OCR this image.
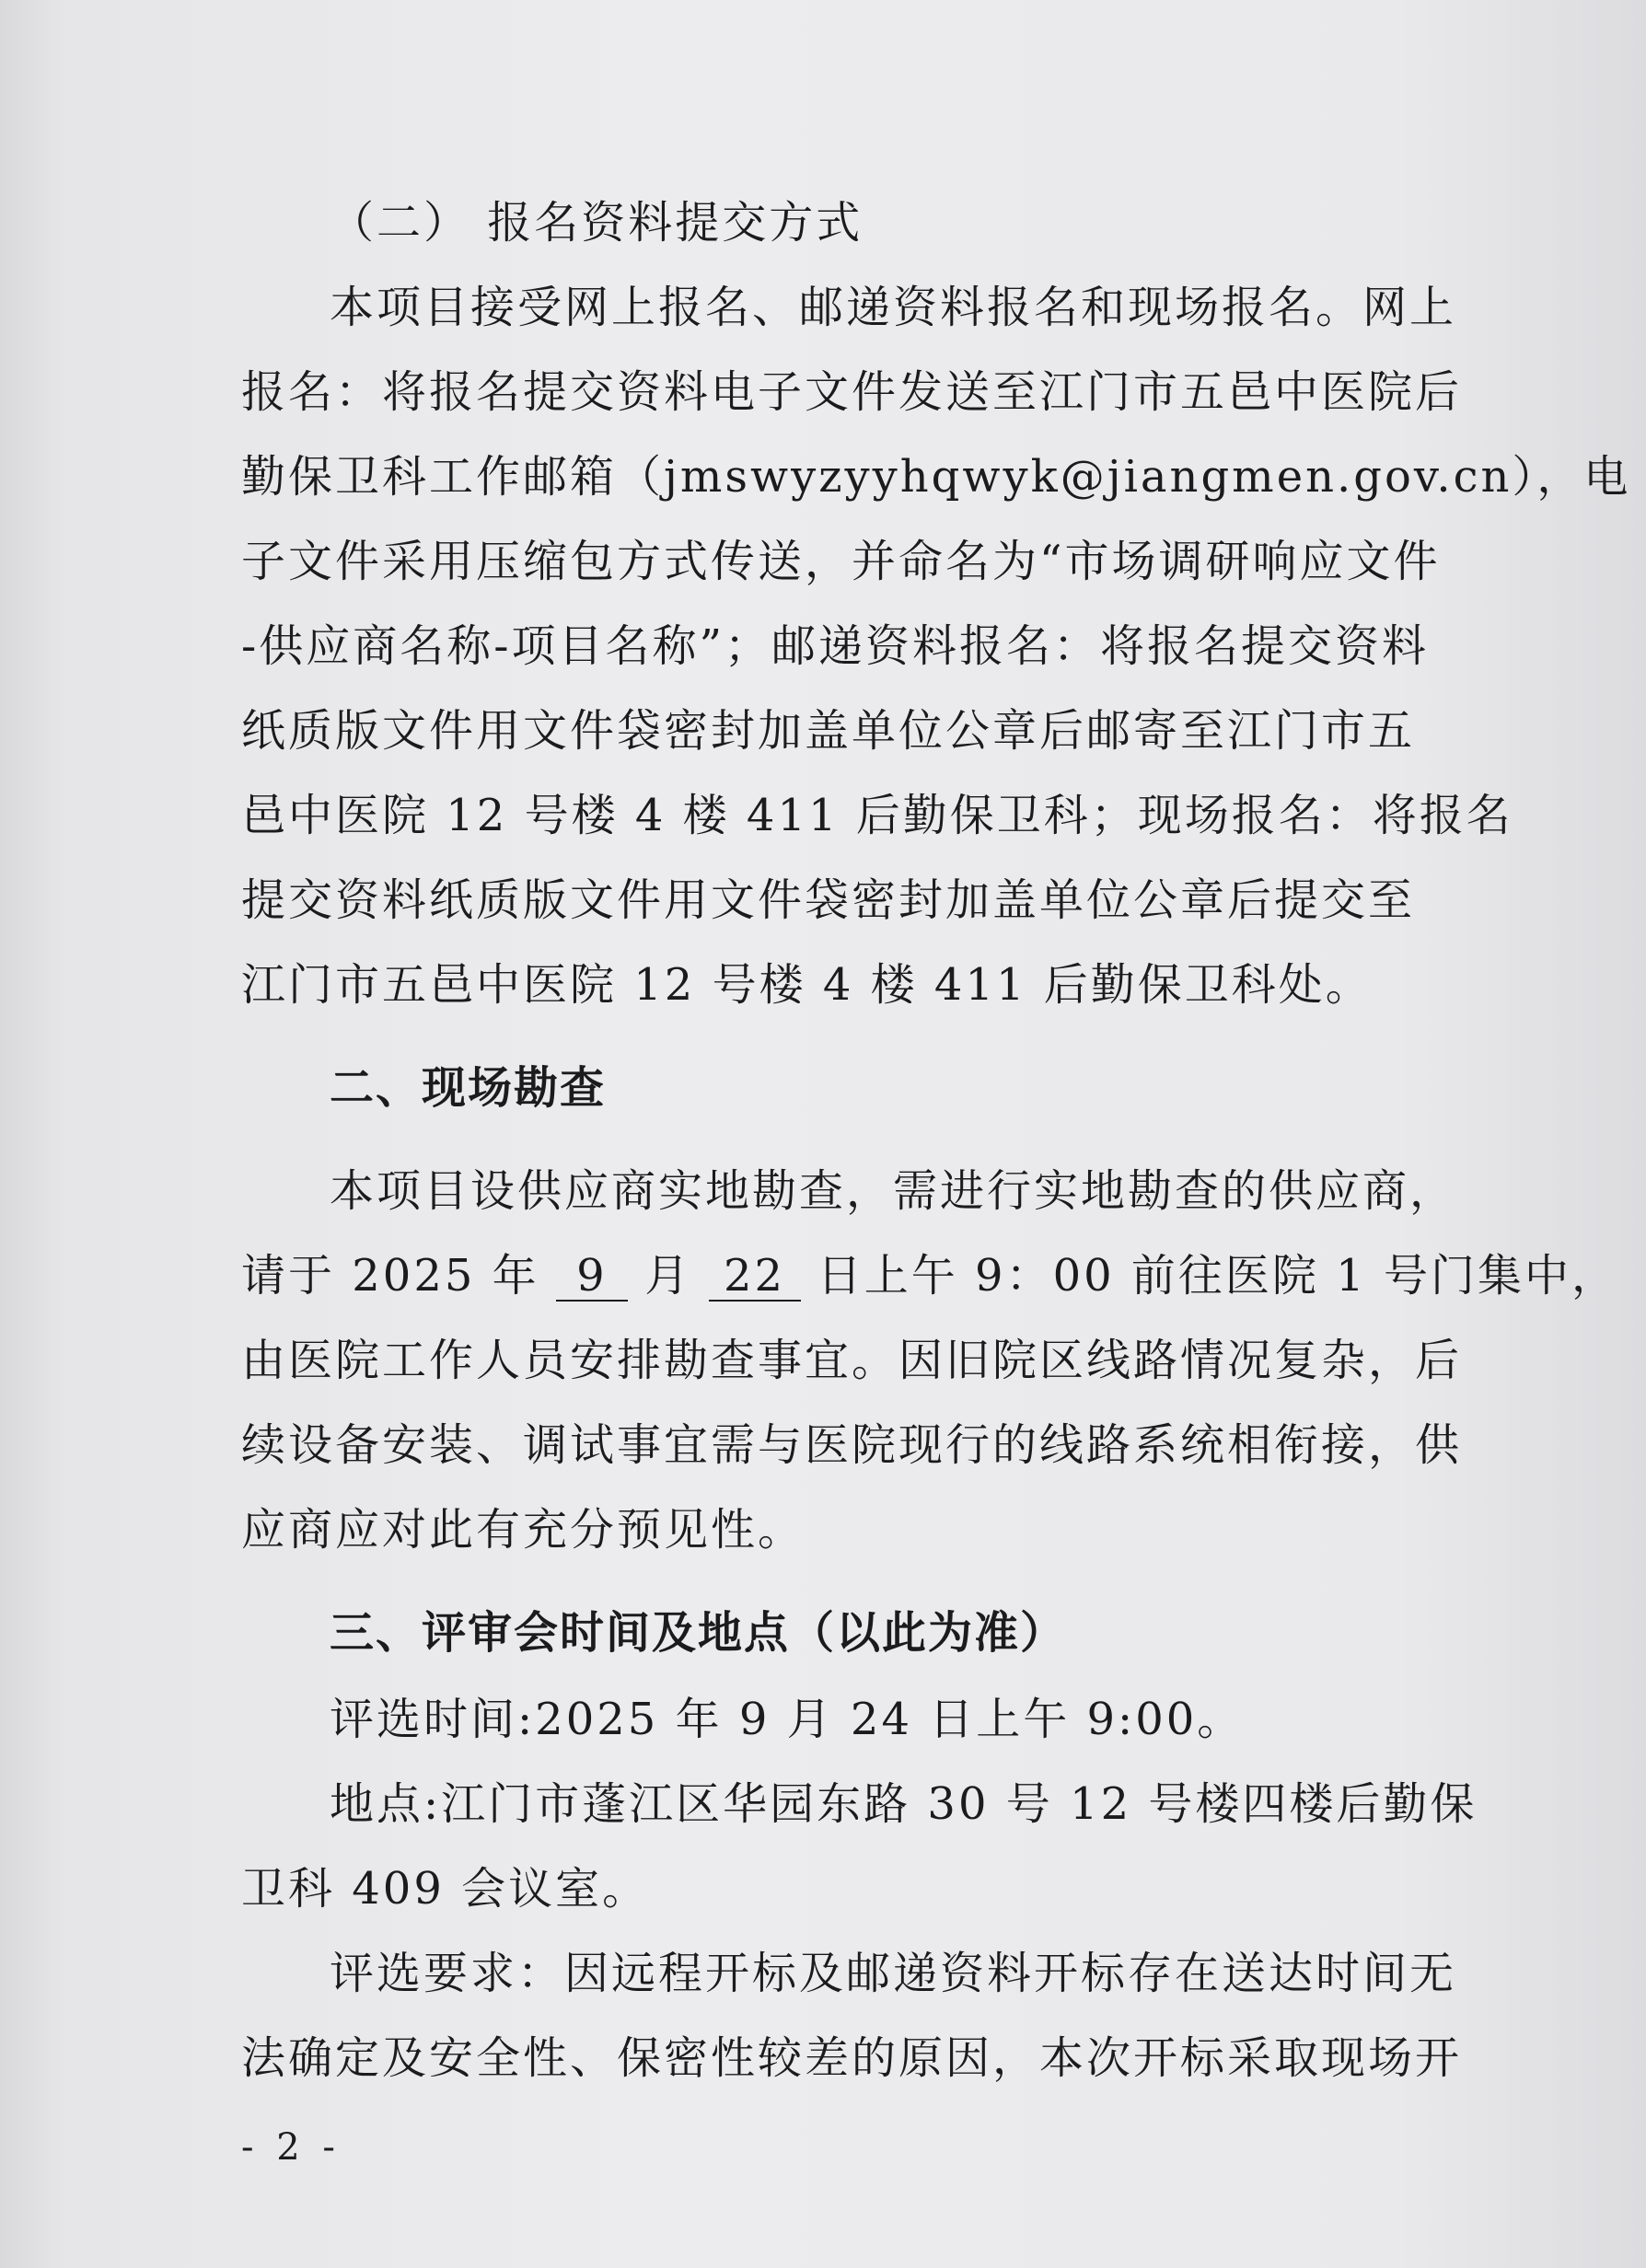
（二） 报名资料提交方式
本项目接受网上报名、邮递资料报名和现场报名。网上
报名：将报名提交资料电子文件发送至江门市五邑中医院后
勤保卫科工作邮箱（jmswyzyyhqwyk@jiangmen.gov.cn），电
子文件采用压缩包方式传送，并命名为“市场调研响应文件
-供应商名称-项目名称”；邮递资料报名：将报名提交资料
纸质版文件用文件袋密封加盖单位公章后邮寄至江门市五
邑中医院 12 号楼 4 楼 411 后勤保卫科；现场报名：将报名
提交资料纸质版文件用文件袋密封加盖单位公章后提交至
江门市五邑中医院 12 号楼 4 楼 411 后勤保卫科处。
二、现场勘查
本项目设供应商实地勘查，需进行实地勘查的供应商，
请于 2025 年 9 月 22 日上午 9：00 前往医院 1 号门集中，
由医院工作人员安排勘查事宜。因旧院区线路情况复杂，后
续设备安装、调试事宜需与医院现行的线路系统相衔接，供
应商应对此有充分预见性。
三、评审会时间及地点（以此为准）
评选时间:2025 年 9 月 24 日上午 9:00。
地点:江门市蓬江区华园东路 30 号 12 号楼四楼后勤保
卫科 409 会议室。
评选要求：因远程开标及邮递资料开标存在送达时间无
法确定及安全性、保密性较差的原因，本次开标采取现场开
- 2 -
